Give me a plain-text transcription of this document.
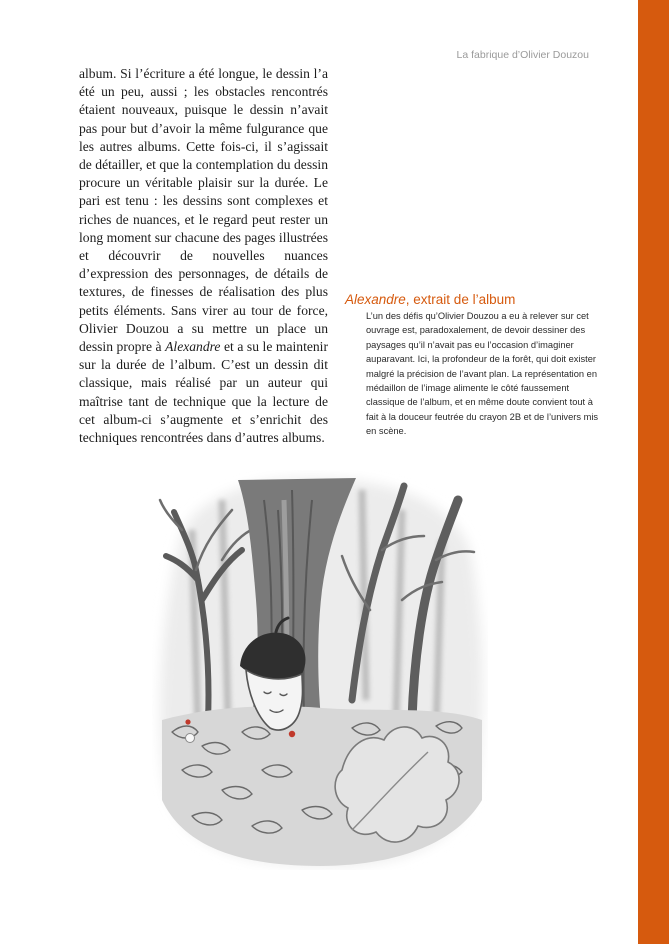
La fabrique d’Olivier Douzou

album. Si l’écriture a été longue, le dessin l’a été un peu, aussi ; les obstacles rencontrés étaient nouveaux, puisque le dessin n’avait pas pour but d’avoir la même fulgurance que les autres albums. Cette fois-ci, il s’agissait de détailler, et que la contemplation du dessin procure un véritable plaisir sur la durée. Le pari est tenu : les dessins sont complexes et riches de nuances, et le regard peut rester un long moment sur chacune des pages illustrées et découvrir de nouvelles nuances d’expression des personnages, de détails de textures, de finesses de réalisation des plus petits éléments. Sans virer au tour de force, Olivier Douzou a su mettre un place un dessin propre à Alexandre et a su le maintenir sur la durée de l’album. C’est un dessin dit classique, mais réalisé par un auteur qui maîtrise tant de technique que la lecture de cet album-ci s’augmente et s’enrichit des techniques rencontrées dans d’autres albums.

Alexandre, extrait de l’album
L’un des défis qu’Olivier Douzou a eu à relever sur cet ouvrage est, paradoxalement, de devoir dessiner des paysages qu’il n’avait pas eu l’occasion d’imaginer auparavant. Ici, la profondeur de la forêt, qui doit exister malgré la précision de l’avant plan. La représentation en médaillon de l’image alimente le côté faussement classique de l’album, et en même doute convient tout à fait à la douceur feutrée du crayon 2B et de l’univers mis en scène.
